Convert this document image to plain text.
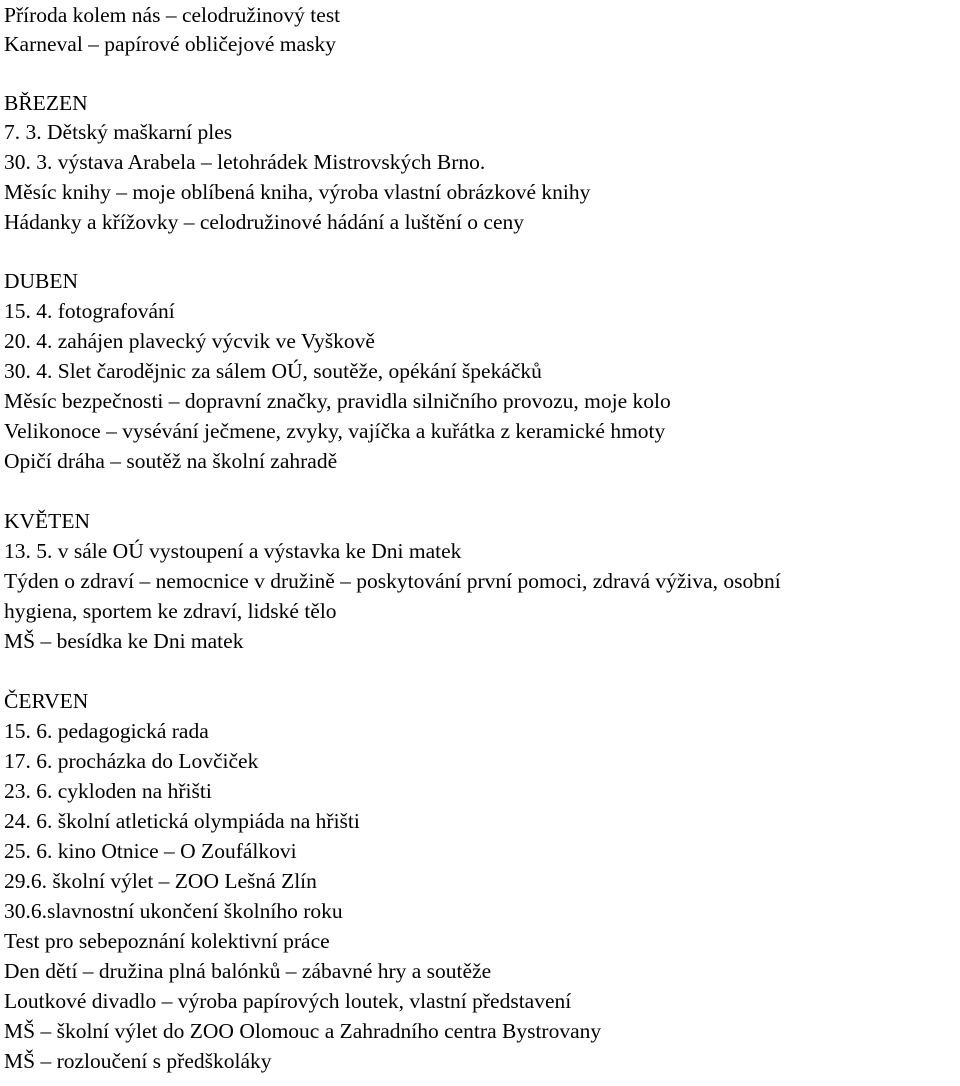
Příroda kolem nás – celodružinový test
Karneval – papírové obličejové masky
BŘEZEN
7. 3. Dětský maškarní ples
30. 3. výstava Arabela – letohrádek Mistrovských Brno.
Měsíc knihy – moje oblíbená kniha, výroba vlastní obrázkové knihy
Hádanky a křížovky – celodružinové hádání a luštění o ceny
DUBEN
15. 4. fotografování
20. 4. zahájen plavecký výcvik ve Vyškově
30. 4. Slet čarodějnic za sálem OÚ, soutěže, opékání špekáčků
Měsíc bezpečnosti – dopravní značky, pravidla silničního provozu, moje kolo
Velikonoce – vysévání ječmene, zvyky, vajíčka a kuřátka z keramické hmoty
Opičí dráha – soutěž na školní zahradě
KVĚTEN
13. 5. v sále OÚ vystoupení a výstavka ke Dni matek
Týden o zdraví – nemocnice v družině – poskytování první pomoci, zdravá výživa, osobní
hygiena, sportem ke zdraví, lidské tělo
MŠ – besídka ke Dni matek
ČERVEN
15. 6. pedagogická rada
17. 6. procházka do Lovčiček
23. 6. cykloden na hřišti
24. 6. školní atletická olympiáda na hřišti
25. 6. kino Otnice – O Zoufálkovi
29.6. školní výlet – ZOO Lešná Zlín
30.6.slavnostní ukončení školního roku
Test pro sebepoznání kolektivní práce
Den dětí – družina plná balónků – zábavné hry a soutěže
Loutkové divadlo – výroba papírových loutek, vlastní představení
MŠ – školní výlet do ZOO Olomouc a Zahradního centra Bystrovany
MŠ – rozloučení s předškoláky
